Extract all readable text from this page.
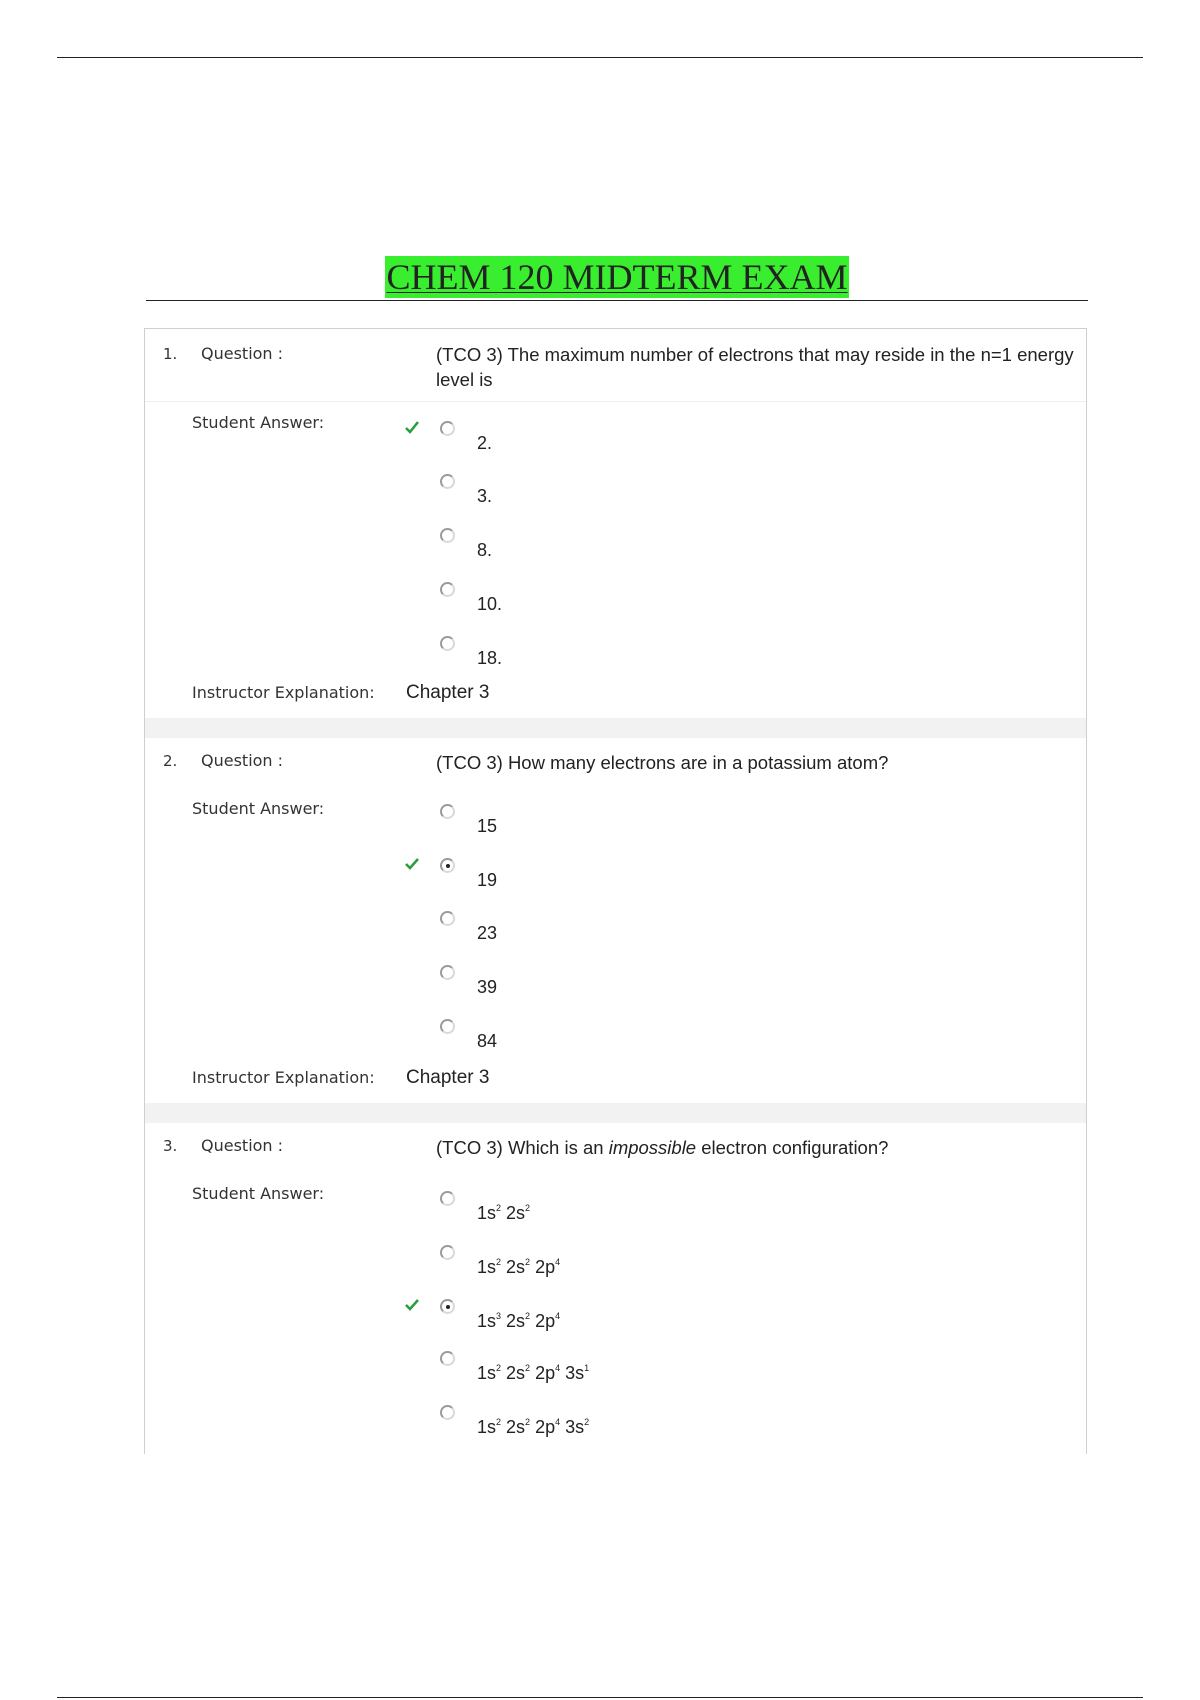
CHEM 120 MIDTERM EXAM
1. Question :	(TCO 3) The maximum number of electrons that may reside in the n=1 energy level is
Student Answer:
2.
3.
8.
10.
18.
Instructor Explanation: Chapter 3
2. Question :	(TCO 3) How many electrons are in a potassium atom?
Student Answer:
15
19
23
39
84
Instructor Explanation: Chapter 3
3. Question :	(TCO 3) Which is an impossible electron configuration?
Student Answer:
$1s^2$ $2s^2$
$1s^2$ $2s^2$ $2p^4$
$1s^3$ $2s^2$ $2p^4$
$1s^2$ $2s^2$ $2p^4$ $3s^1$
$1s^2$ $2s^2$ $2p^4$ $3s^2$
